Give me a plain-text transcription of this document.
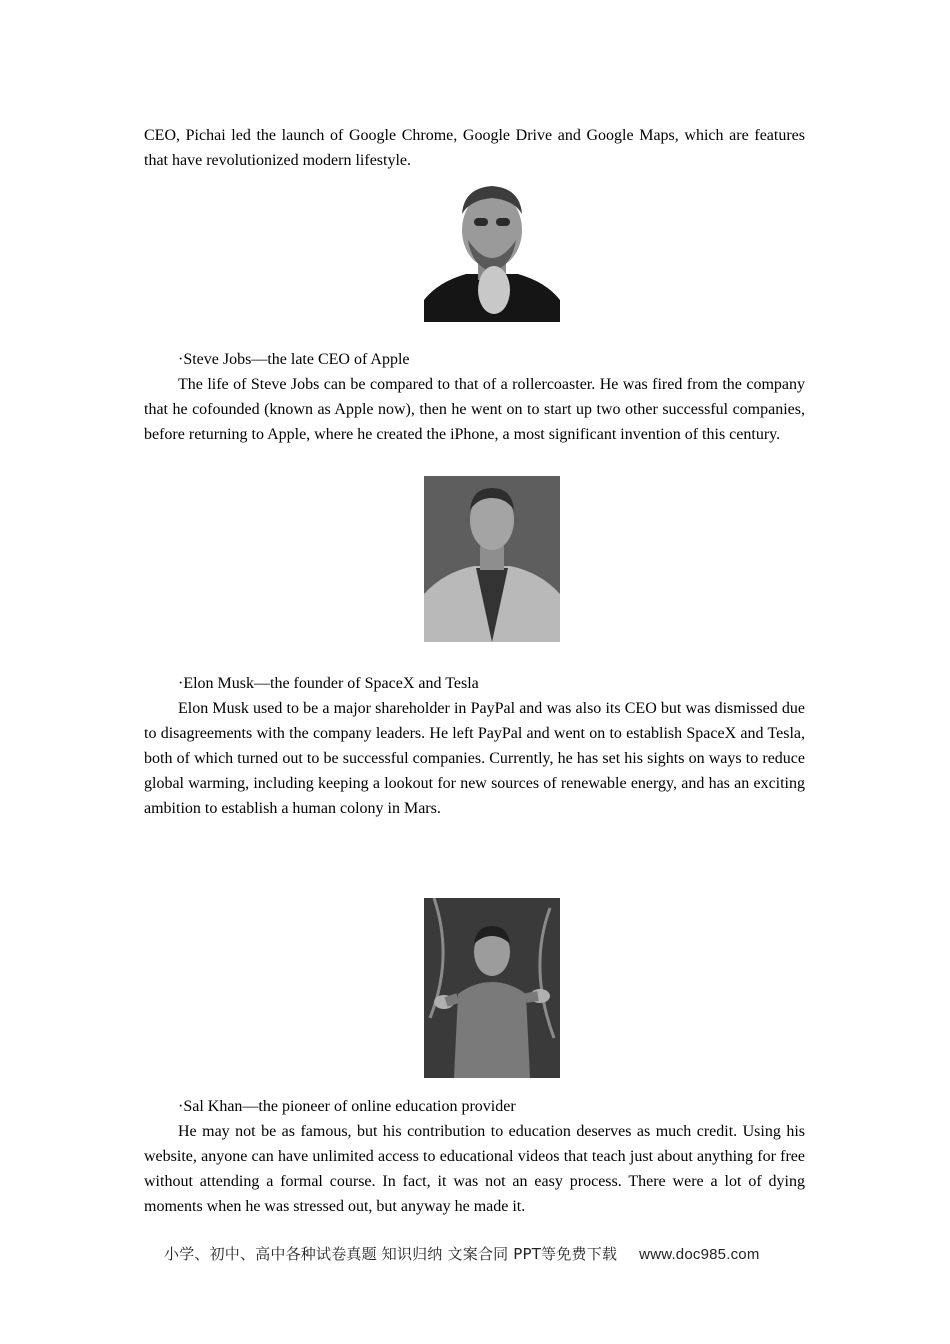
CEO, Pichai led the launch of Google Chrome, Google Drive and Google Maps, which are features that have revolutionized modern lifestyle.

·Steve Jobs—the late CEO of Apple

The life of Steve Jobs can be compared to that of a rollercoaster. He was fired from the company that he cofounded (known as Apple now), then he went on to start up two other successful companies, before returning to Apple, where he created the iPhone, a most significant invention of this century.

·Elon Musk—the founder of SpaceX and Tesla

Elon Musk used to be a major shareholder in PayPal and was also its CEO but was dismissed due to disagreements with the company leaders. He left PayPal and went on to establish SpaceX and Tesla, both of which turned out to be successful companies. Currently, he has set his sights on ways to reduce global warming, including keeping a lookout for new sources of renewable energy, and has an exciting ambition to establish a human colony in Mars.

·Sal Khan—the pioneer of online education provider

He may not be as famous, but his contribution to education deserves as much credit. Using his website, anyone can have unlimited access to educational videos that teach just about anything for free without attending a formal course. In fact, it was not an easy process. There were a lot of dying moments when he was stressed out, but anyway he made it.

小学、初中、高中各种试卷真题 知识归纳 文案合同 PPT等免费下载 www.doc985.com
